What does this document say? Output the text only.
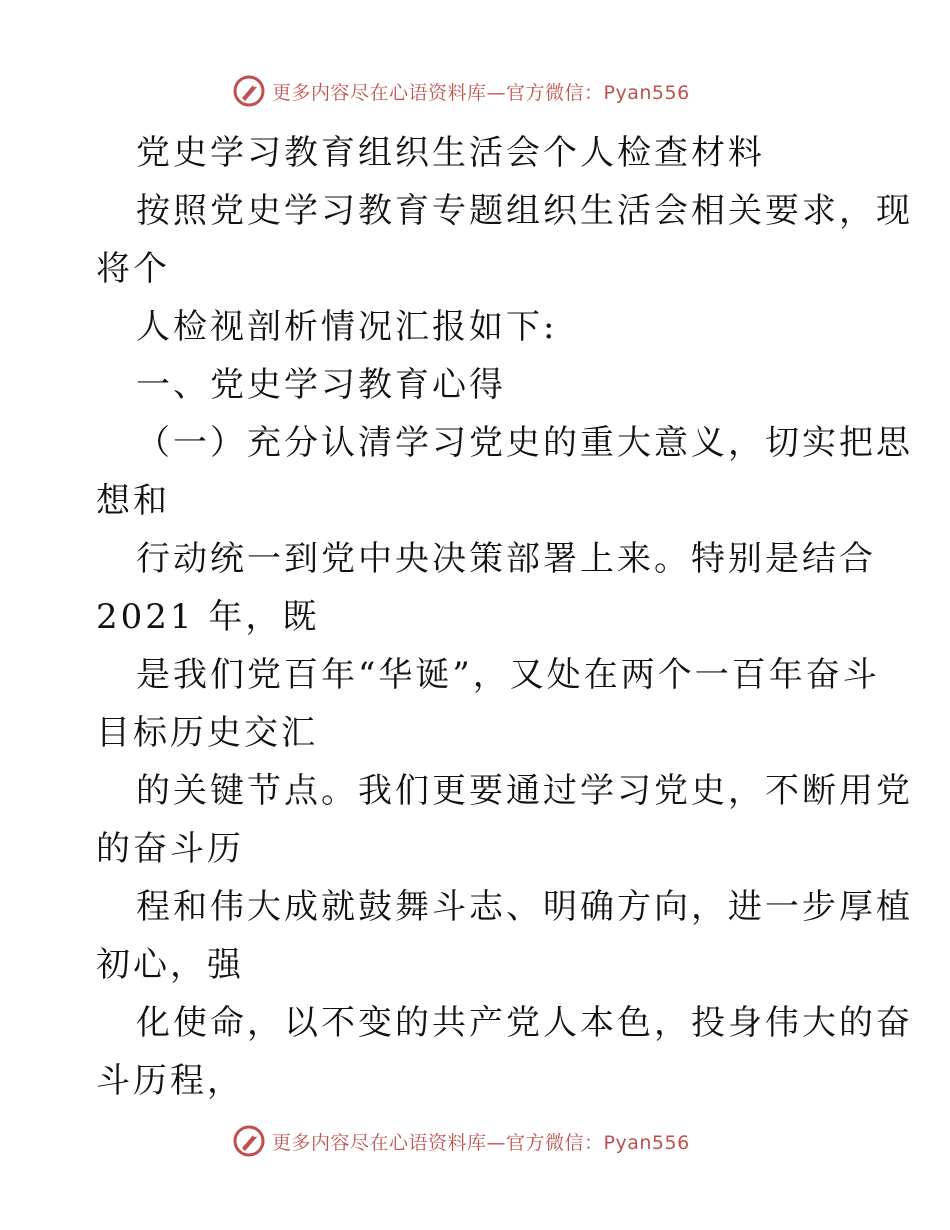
更多内容尽在心语资料库—官方微信：Pyan556
党史学习教育组织生活会个人检查材料
按照党史学习教育专题组织生活会相关要求，现
将个
人检视剖析情况汇报如下:
一、党史学习教育心得
（一）充分认清学习党史的重大意义，切实把思
想和
行动统一到党中央决策部署上来。特别是结合
2021 年，既
是我们党百年“华诞”，又处在两个一百年奋斗
目标历史交汇
的关键节点。我们更要通过学习党史，不断用党
的奋斗历
程和伟大成就鼓舞斗志、明确方向，进一步厚植
初心，强
化使命，以不变的共产党人本色，投身伟大的奋
斗历程，
更多内容尽在心语资料库—官方微信：Pyan556
